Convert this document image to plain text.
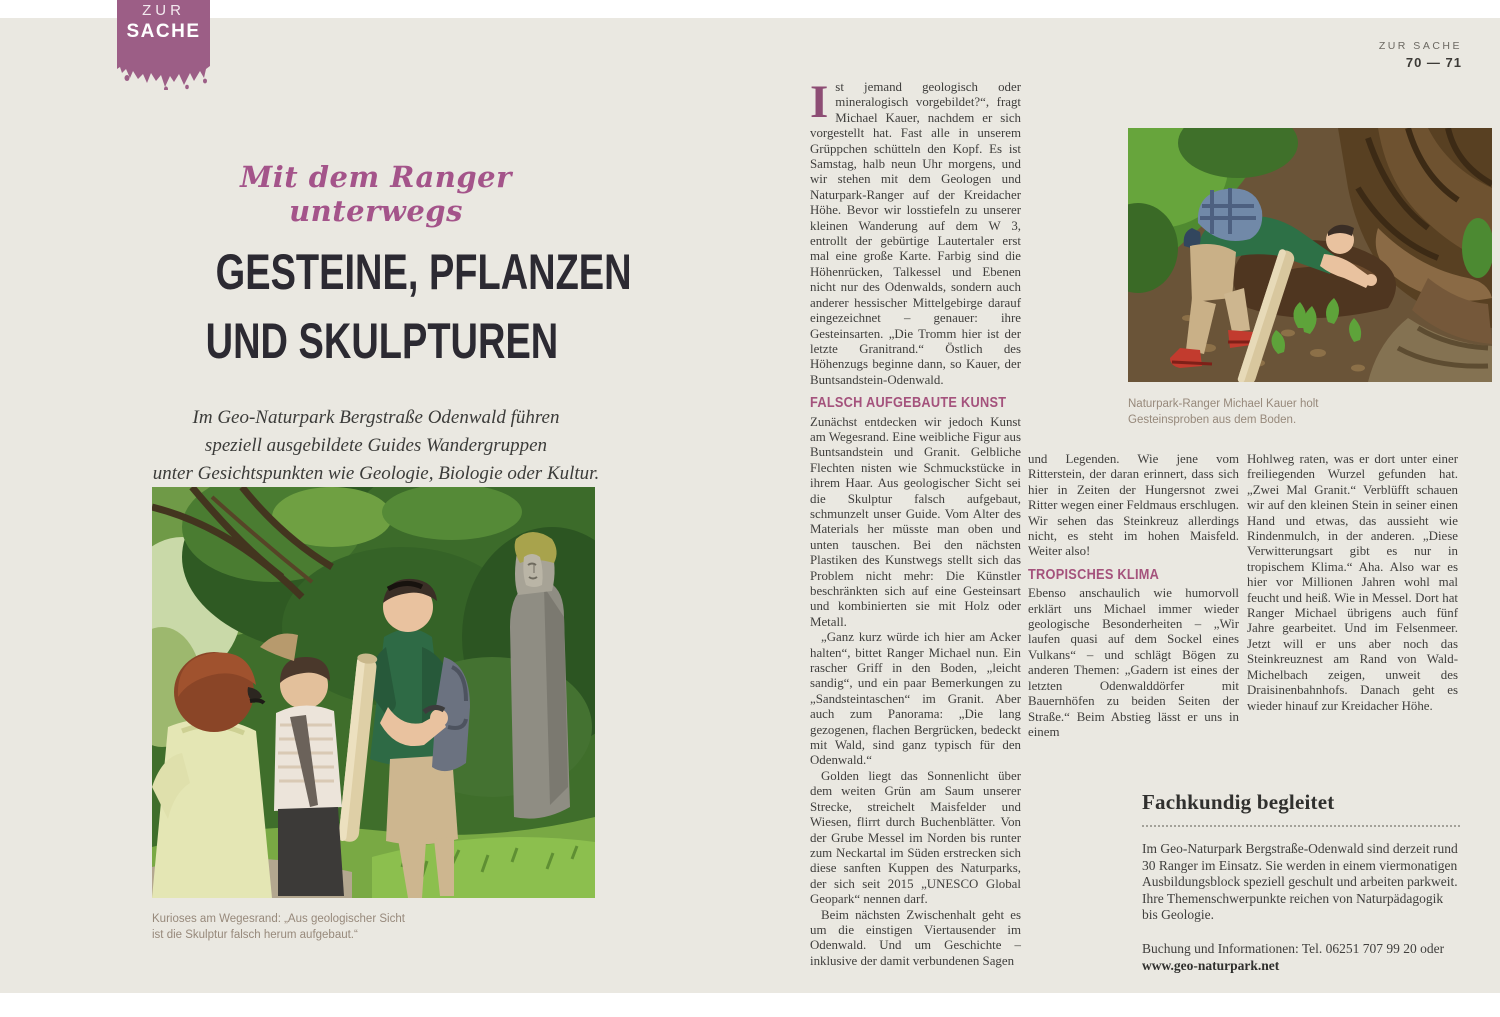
ZUR
SACHE
ZUR SACHE
70 — 71
Mit dem Ranger unterwegs
GESTEINE, PFLANZEN
UND SKULPTUREN
Im Geo-Naturpark Bergstraße Odenwald führen
speziell ausgebildete Guides Wandergruppen
unter Gesichtspunkten wie Geologie, Biologie oder Kultur.
Kurioses am Wegesrand: „Aus geologischer Sicht
ist die Skulptur falsch herum aufgebaut.“
Naturpark-Ranger Michael Kauer holt
Gesteinsproben aus dem Boden.

Ist jemand geologisch oder mineralogisch vorgebildet?“, fragt Michael Kauer, nachdem er sich vorgestellt hat. Fast alle in unserem Grüppchen schütteln den Kopf. Es ist Samstag, halb neun Uhr morgens, und wir stehen mit dem Geologen und Naturpark-Ranger auf der Kreidacher Höhe. Bevor wir losstiefeln zu unserer kleinen Wanderung auf dem W 3, entrollt der gebürtige Lautertaler erst mal eine große Karte. Farbig sind die Höhenrücken, Talkessel und Ebenen nicht nur des Odenwalds, sondern auch anderer hessischer Mittelgebirge darauf eingezeichnet – genauer: ihre Gesteinsarten. „Die Tromm hier ist der letzte Granitrand.“ Östlich des Höhenzugs beginne dann, so Kauer, der Buntsandstein-Odenwald.

FALSCH AUFGEBAUTE KUNST

Zunächst entdecken wir jedoch Kunst am Wegesrand. Eine weibliche Figur aus Buntsandstein und Granit. Gelbliche Flechten nisten wie Schmuckstücke in ihrem Haar. Aus geologischer Sicht sei die Skulptur falsch aufgebaut, schmunzelt unser Guide. Vom Alter des Materials her müsste man oben und unten tauschen. Bei den nächsten Plastiken des Kunstwegs stellt sich das Problem nicht mehr: Die Künstler beschränkten sich auf eine Gesteinsart und kombinierten sie mit Holz oder Metall.

„Ganz kurz würde ich hier am Acker halten“, bittet Ranger Michael nun. Ein rascher Griff in den Boden, „leicht sandig“, und ein paar Bemerkungen zu „Sandsteintaschen“ im Granit. Aber auch zum Panorama: „Die lang gezogenen, flachen Bergrücken, bedeckt mit Wald, sind ganz typisch für den Odenwald.“

Golden liegt das Sonnenlicht über dem weiten Grün am Saum unserer Strecke, streichelt Maisfelder und Wiesen, flirrt durch Buchenblätter. Von der Grube Messel im Norden bis runter zum Neckartal im Süden erstrecken sich diese sanften Kuppen des Naturparks, der sich seit 2015 „UNESCO Global Geopark“ nennen darf.

Beim nächsten Zwischenhalt geht es um die einstigen Viertausender im Odenwald. Und um Geschichte – inklusive der damit verbundenen Sagen

und Legenden. Wie jene vom Ritterstein, der daran erinnert, dass sich hier in Zeiten der Hungersnot zwei Ritter wegen einer Feldmaus erschlugen. Wir sehen das Steinkreuz allerdings nicht, es steht im hohen Maisfeld. Weiter also!

TROPISCHES KLIMA

Ebenso anschaulich wie humorvoll erklärt uns Michael immer wieder geologische Besonderheiten – „Wir laufen quasi auf dem Sockel eines Vulkans“ – und schlägt Bögen zu anderen Themen: „Gadern ist eines der letzten Odenwalddörfer mit Bauernhöfen zu beiden Seiten der Straße.“ Beim Abstieg lässt er uns in einem

Hohlweg raten, was er dort unter einer freiliegenden Wurzel gefunden hat. „Zwei Mal Granit.“ Verblüfft schauen wir auf den kleinen Stein in seiner einen Hand und etwas, das aussieht wie Rindenmulch, in der anderen. „Diese Verwitterungsart gibt es nur in tropischem Klima.“ Aha. Also war es hier vor Millionen Jahren wohl mal feucht und heiß. Wie in Messel. Dort hat Ranger Michael übrigens auch fünf Jahre gearbeitet. Und im Felsenmeer. Jetzt will er uns aber noch das Steinkreuznest am Rand von Wald-Michelbach zeigen, unweit des Draisinenbahnhofs. Danach geht es wieder hinauf zur Kreidacher Höhe.

Fachkundig begleitet

Im Geo-Naturpark Bergstraße-Odenwald sind derzeit rund 30 Ranger im Einsatz. Sie werden in einem viermonatigen Ausbildungsblock speziell geschult und arbeiten parkweit. Ihre Themenschwerpunkte reichen von Naturpädagogik bis Geologie.

Buchung und Informationen: Tel. 06251 707 99 20 oder
www.geo-naturpark.net
